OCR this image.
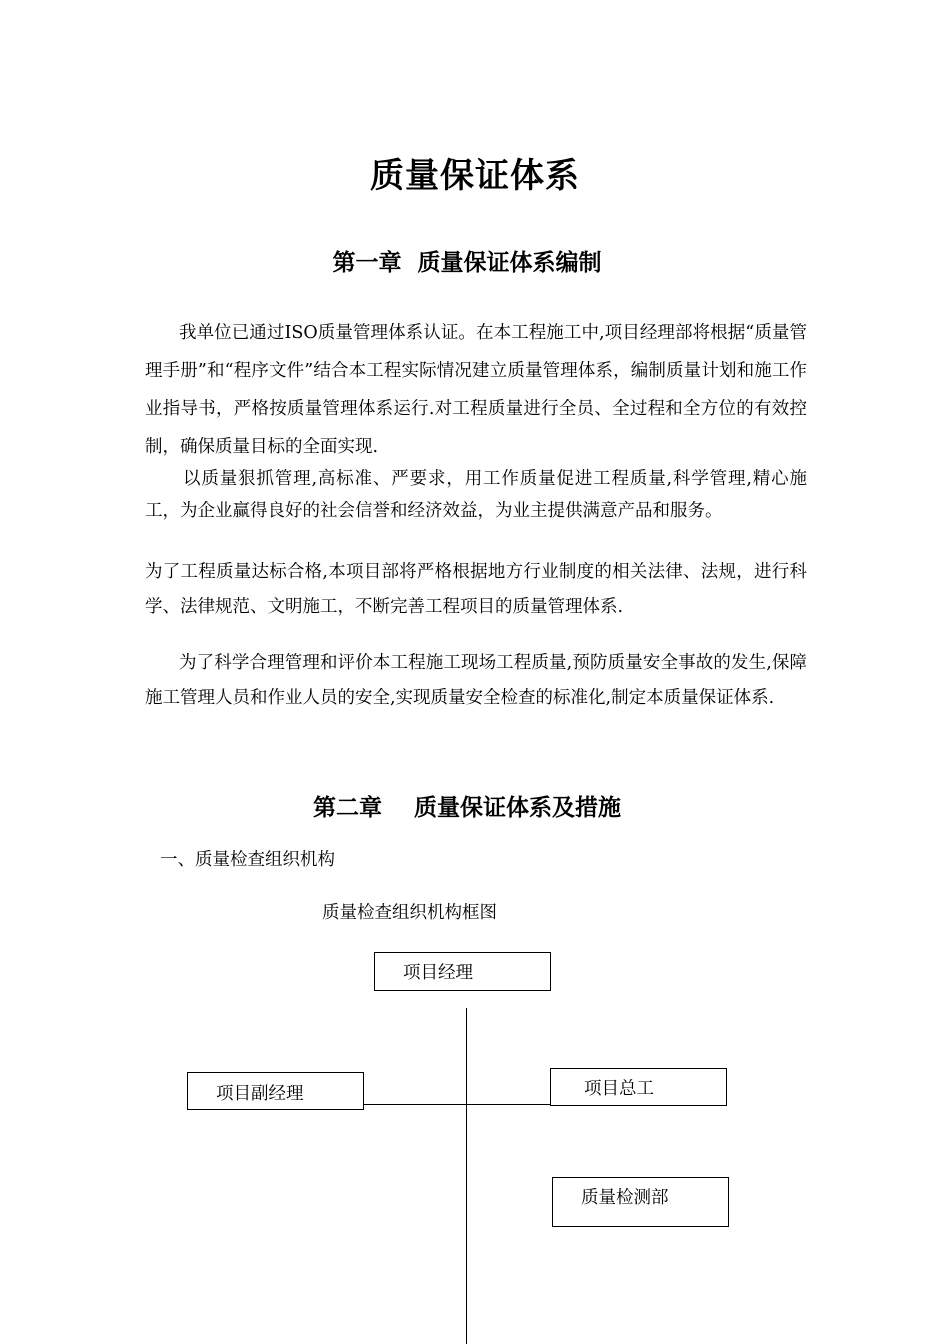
质量保证体系
第一章  质量保证体系编制

我单位已通过ISO质量管理体系认证。在本工程施工中,项目经理部将根据“质量管理手册”和“程序文件”结合本工程实际情况建立质量管理体系，编制质量计划和施工作业指导书，严格按质量管理体系运行.对工程质量进行全员、全过程和全方位的有效控制，确保质量目标的全面实现.

以质量狠抓管理,高标准、严要求，用工作质量促进工程质量,科学管理,精心施工，为企业赢得良好的社会信誉和经济效益，为业主提供满意产品和服务。

为了工程质量达标合格,本项目部将严格根据地方行业制度的相关法律、法规，进行科学、法律规范、文明施工，不断完善工程项目的质量管理体系.

为了科学合理管理和评价本工程施工现场工程质量,预防质量安全事故的发生,保障施工管理人员和作业人员的安全,实现质量安全检查的标准化,制定本质量保证体系.

第二章    质量保证体系及措施
一、质量检查组织机构
质量检查组织机构框图
项目经理
项目副经理	项目总工
质量检测部
